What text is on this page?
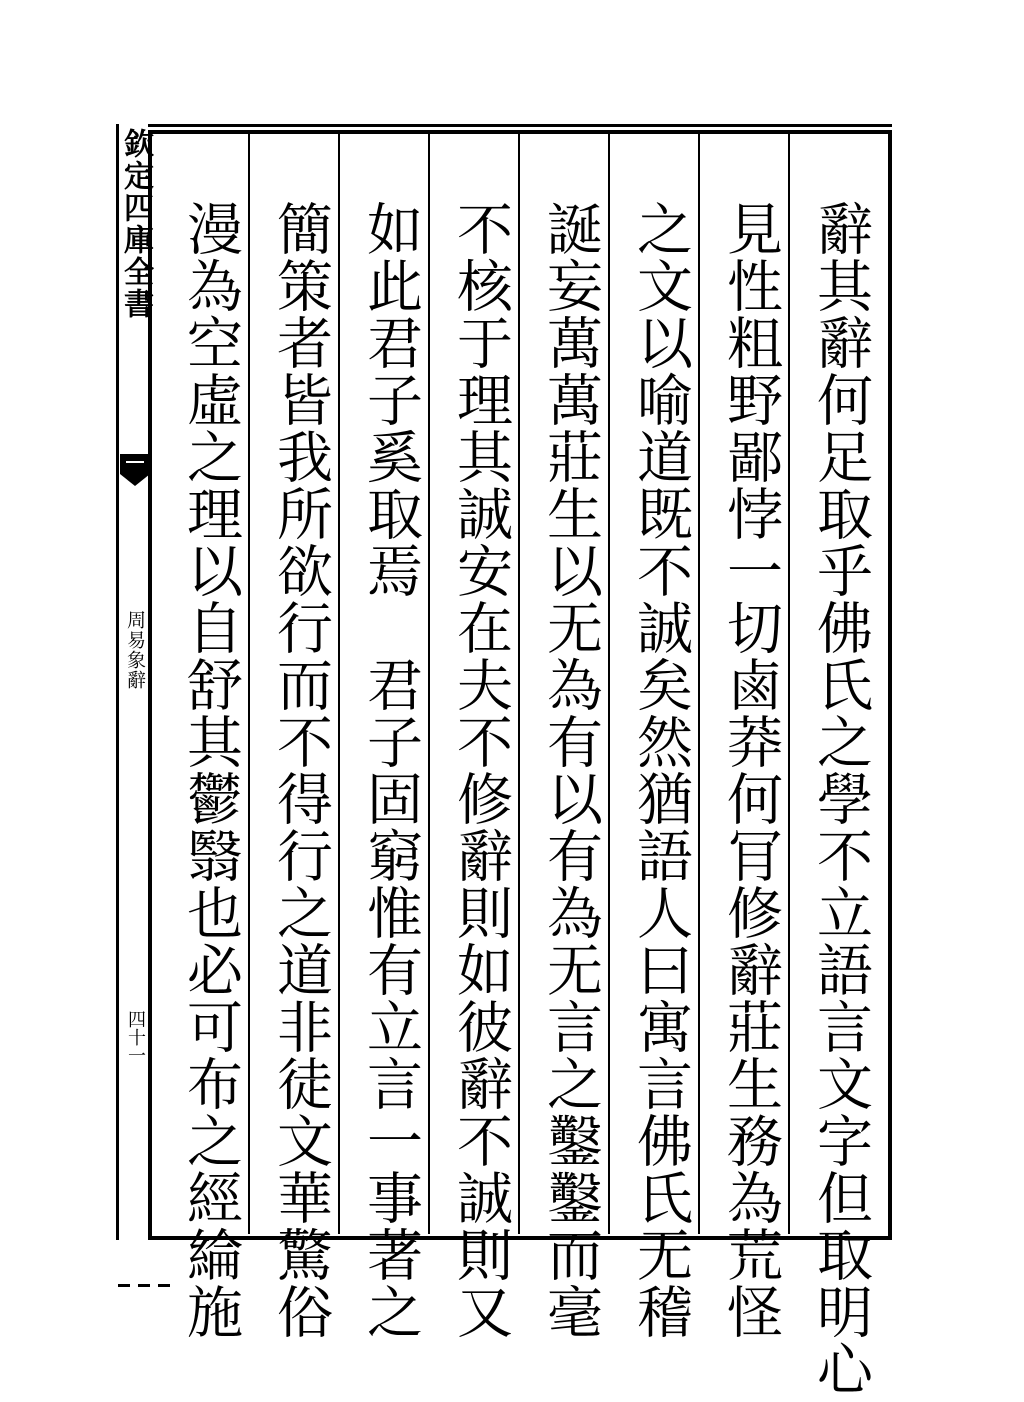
欽定四庫全書
周易象辭
四十一	辭其辭何足取乎佛氏之學不立語言文字但取明心
見性粗野鄙悖一切鹵莽何肎修辭莊生務為荒怪
之文以喻道既不誠矣然猶語人曰寓言佛氏无稽
誕妄萬萬莊生以无為有以有為无言之鑿鑿而毫
不核于理其誠安在夫不修辭則如彼辭不誠則又
如此君子奚取焉　君子固窮惟有立言一事著之
簡策者皆我所欲行而不得行之道非徒文華驚俗
漫為空虛之理以自舒其鬱翳也必可布之經綸施
